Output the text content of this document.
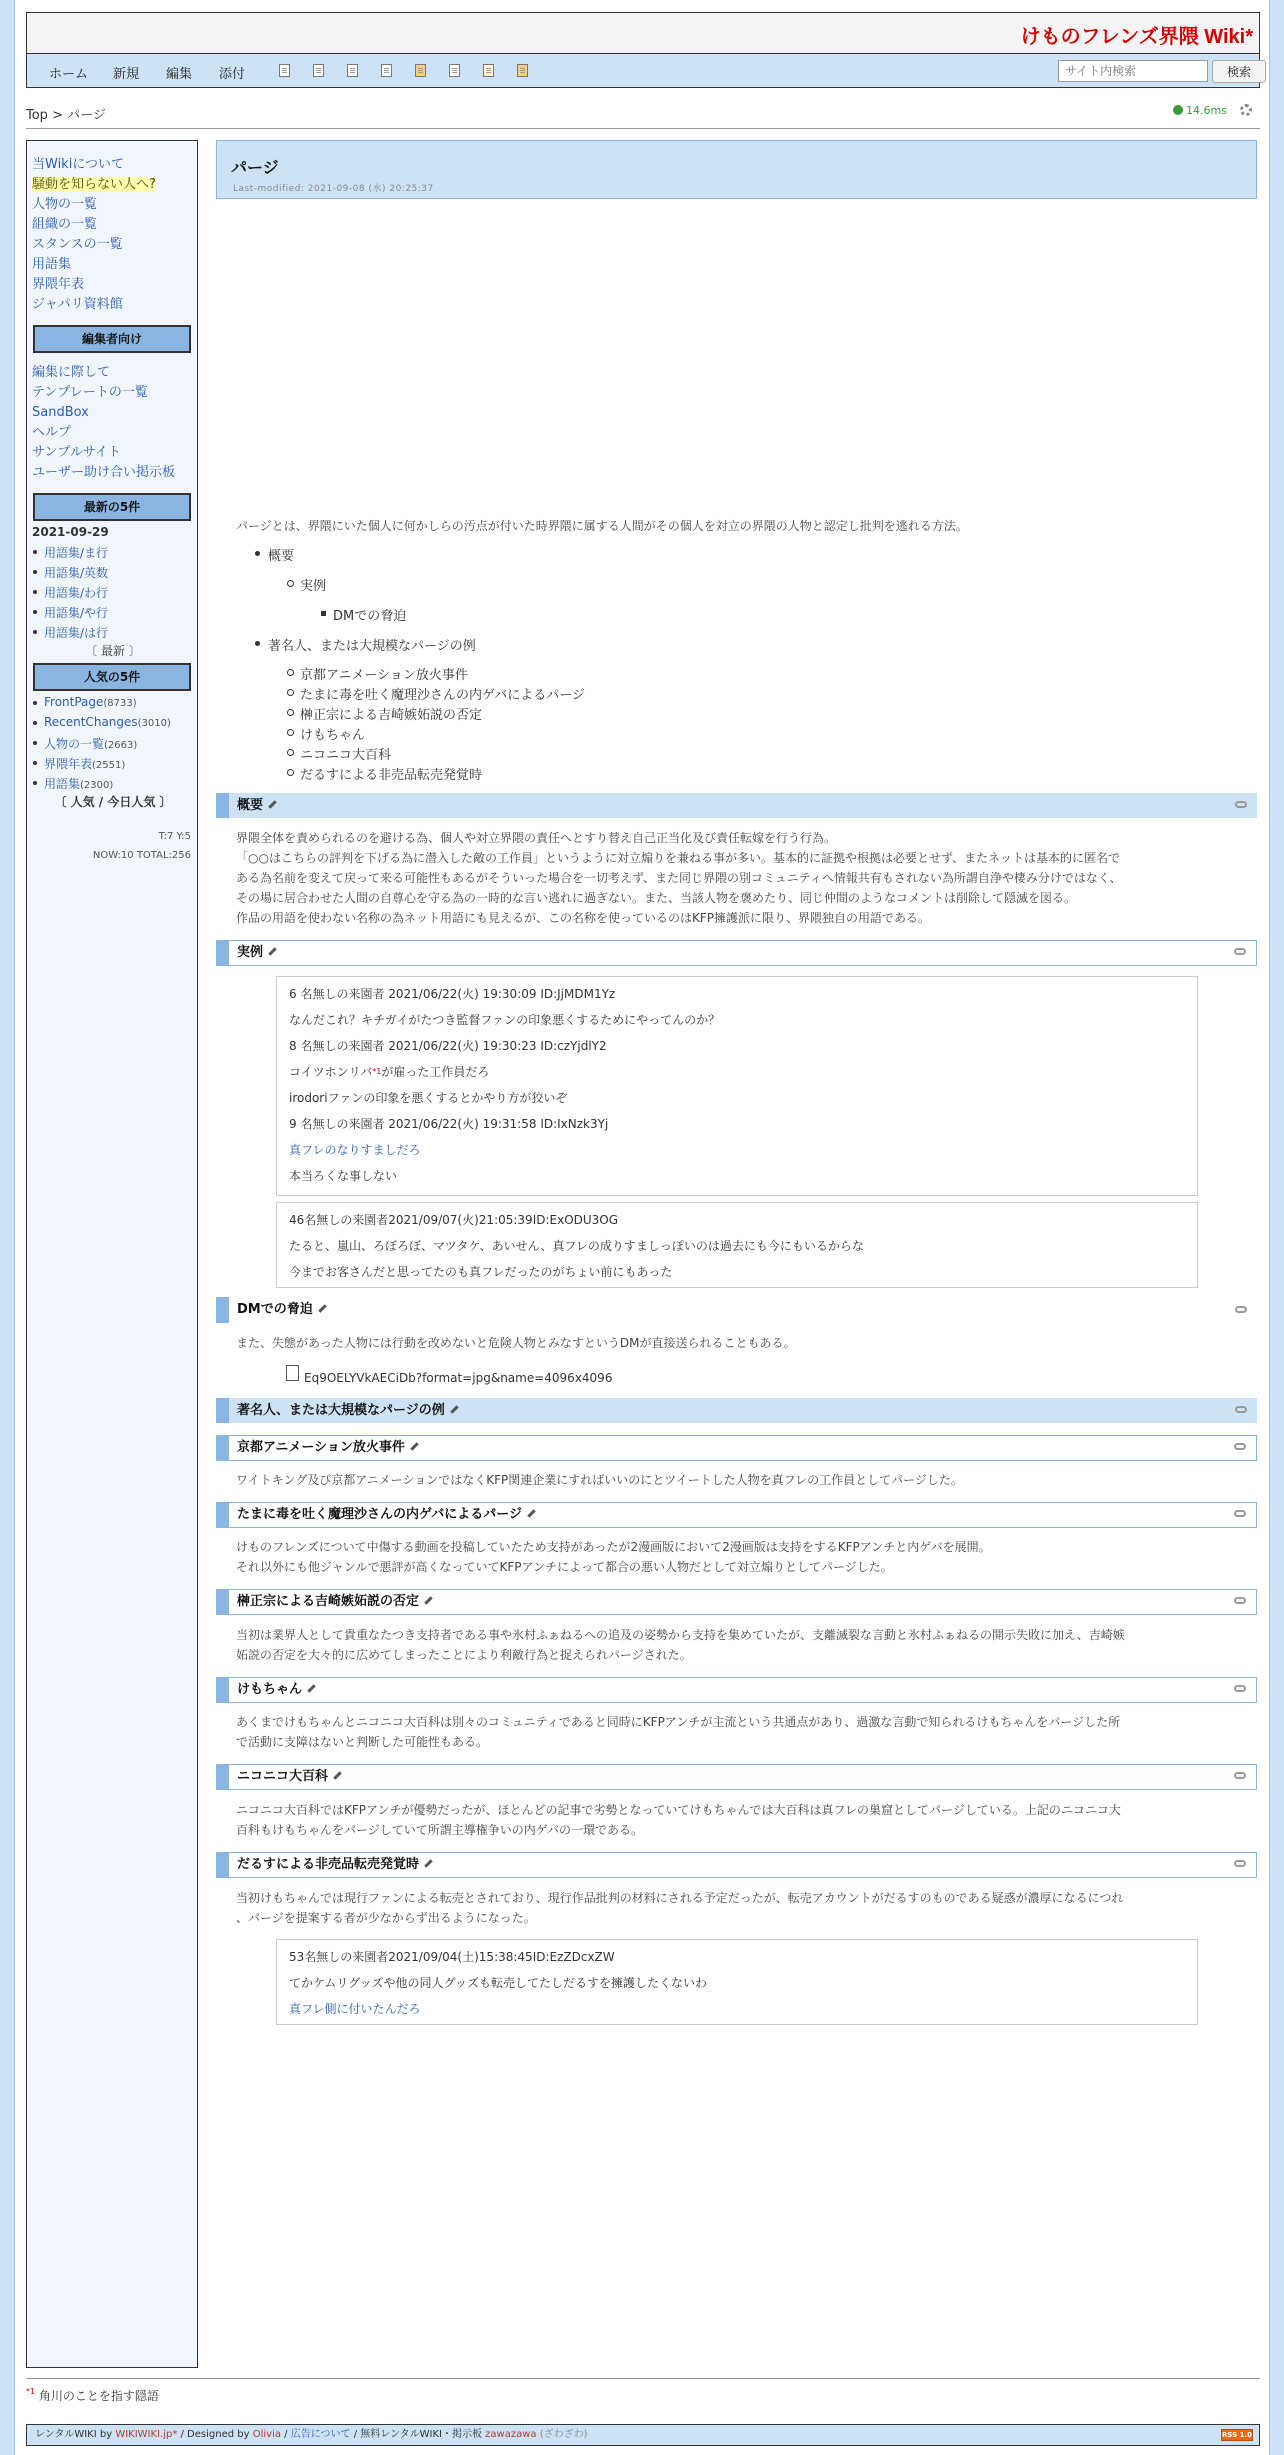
けものフレンズ界隈 Wiki*
ホーム 新規 編集 添付
サイト内検索	検索
Top > パージ	14.6ms
当Wikiについて
騒動を知らない人へ?
人物の一覧
組織の一覧
スタンスの一覧
用語集
界隈年表
ジャパリ資料館
編集者向け
編集に際して
テンプレートの一覧
SandBox
ヘルプ
サンプルサイト
ユーザー助け合い掲示板
最新の5件
2021-09-29
用語集/ま行
用語集/英数
用語集/わ行
用語集/や行
用語集/は行
〔 最新 〕
人気の5件
FrontPage(8733)
RecentChanges(3010)
人物の一覧(2663)
界隈年表(2551)
用語集(2300)
〔 人気 / 今日人気 〕
T:7 Y:5
NOW:10 TOTAL:256
パージ
Last-modified: 2021-09-08 (水) 20:25:37
パージとは、界隈にいた個人に何かしらの汚点が付いた時界隈に属する人間がその個人を対立の界隈の人物と認定し批判を逃れる方法。
概要
実例
DMでの脅迫
著名人、または大規模なパージの例
京都アニメーション放火事件
たまに毒を吐く魔理沙さんの内ゲバによるパージ
榊正宗による吉崎嫉妬説の否定
けもちゃん
ニコニコ大百科
だるすによる非売品転売発覚時
概要
界隈全体を責められるのを避ける為、個人や対立界隈の責任へとすり替え自己正当化及び責任転嫁を行う行為。
「○○はこちらの評判を下げる為に潜入した敵の工作員」というように対立煽りを兼ねる事が多い。基本的に証拠や根拠は必要とせず、またネットは基本的に匿名で
ある為名前を変えて戻って来る可能性もあるがそういった場合を一切考えず、また同じ界隈の別コミュニティへ情報共有もされない為所謂自浄や棲み分けではなく、
その場に居合わせた人間の自尊心を守る為の一時的な言い逃れに過ぎない。また、当該人物を褒めたり、同じ仲間のようなコメントは削除して隠滅を図る。
作品の用語を使わない名称の為ネット用語にも見えるが、この名称を使っているのはKFP擁護派に限り、界隈独自の用語である。
実例
6 名無しの来園者 2021/06/22(火) 19:30:09 ID:JjMDM1Yz
なんだこれ？キチガイがたつき監督ファンの印象悪くするためにやってんのか？
8 名無しの来園者 2021/06/22(火) 19:30:23 ID:czYjdlY2
コイツホンリバ$^{*1}$が雇った工作員だろ
irodoriファンの印象を悪くするとかやり方が狡いぞ
9 名無しの来園者 2021/06/22(火) 19:31:58 ID:IxNzk3Yj
真フレのなりすましだろ
本当ろくな事しない
46名無しの来園者2021/09/07(火)21:05:39ID:ExODU3OG
たると、嵐山、ろぼろぼ、マツタケ、あいせん、真フレの成りすましっぽいのは過去にも今にもいるからな
今までお客さんだと思ってたのも真フレだったのがちょい前にもあった
DMでの脅迫
また、失態があった人物には行動を改めないと危険人物とみなすというDMが直接送られることもある。
Eq9OELYVkAECiDb?format=jpg&name=4096x4096
著名人、または大規模なパージの例
京都アニメーション放火事件
ワイトキング及び京都アニメーションではなくKFP関連企業にすればいいのにとツイートした人物を真フレの工作員としてパージした。
たまに毒を吐く魔理沙さんの内ゲバによるパージ
けものフレンズについて中傷する動画を投稿していたため支持があったが2漫画版において2漫画版は支持をするKFPアンチと内ゲバを展開。
それ以外にも他ジャンルで悪評が高くなっていてKFPアンチによって都合の悪い人物だとして対立煽りとしてパージした。
榊正宗による吉崎嫉妬説の否定
当初は業界人として貴重なたつき支持者である事や氷村ふぁねるへの追及の姿勢から支持を集めていたが、支離滅裂な言動と氷村ふぁねるの開示失敗に加え、吉崎嫉
妬説の否定を大々的に広めてしまったことにより利敵行為と捉えられパージされた。
けもちゃん
あくまでけもちゃんとニコニコ大百科は別々のコミュニティであると同時にKFPアンチが主流という共通点があり、過激な言動で知られるけもちゃんをパージした所
で活動に支障はないと判断した可能性もある。
ニコニコ大百科
ニコニコ大百科ではKFPアンチが優勢だったが、ほとんどの記事で劣勢となっていてけもちゃんでは大百科は真フレの巣窟としてパージしている。上記のニコニコ大
百科もけもちゃんをパージしていて所謂主導権争いの内ゲバの一環である。
だるすによる非売品転売発覚時
当初けもちゃんでは現行ファンによる転売とされており、現行作品批判の材料にされる予定だったが、転売アカウントがだるすのものである疑惑が濃厚になるにつれ
、パージを提案する者が少なからず出るようになった。
53名無しの来園者2021/09/04(土)15:38:45ID:EzZDcxZW
てかケムリグッズや他の同人グッズも転売してたしだるすを擁護したくないわ
真フレ側に付いたんだろ
$^{*1}$ 角川のことを指す隠語
レンタルWIKI by WIKIWIKI.jp* / Designed by Olivia / 広告について / 無料レンタルWIKI・掲示板 zawazawa (ざわざわ)	RSS 1.0
